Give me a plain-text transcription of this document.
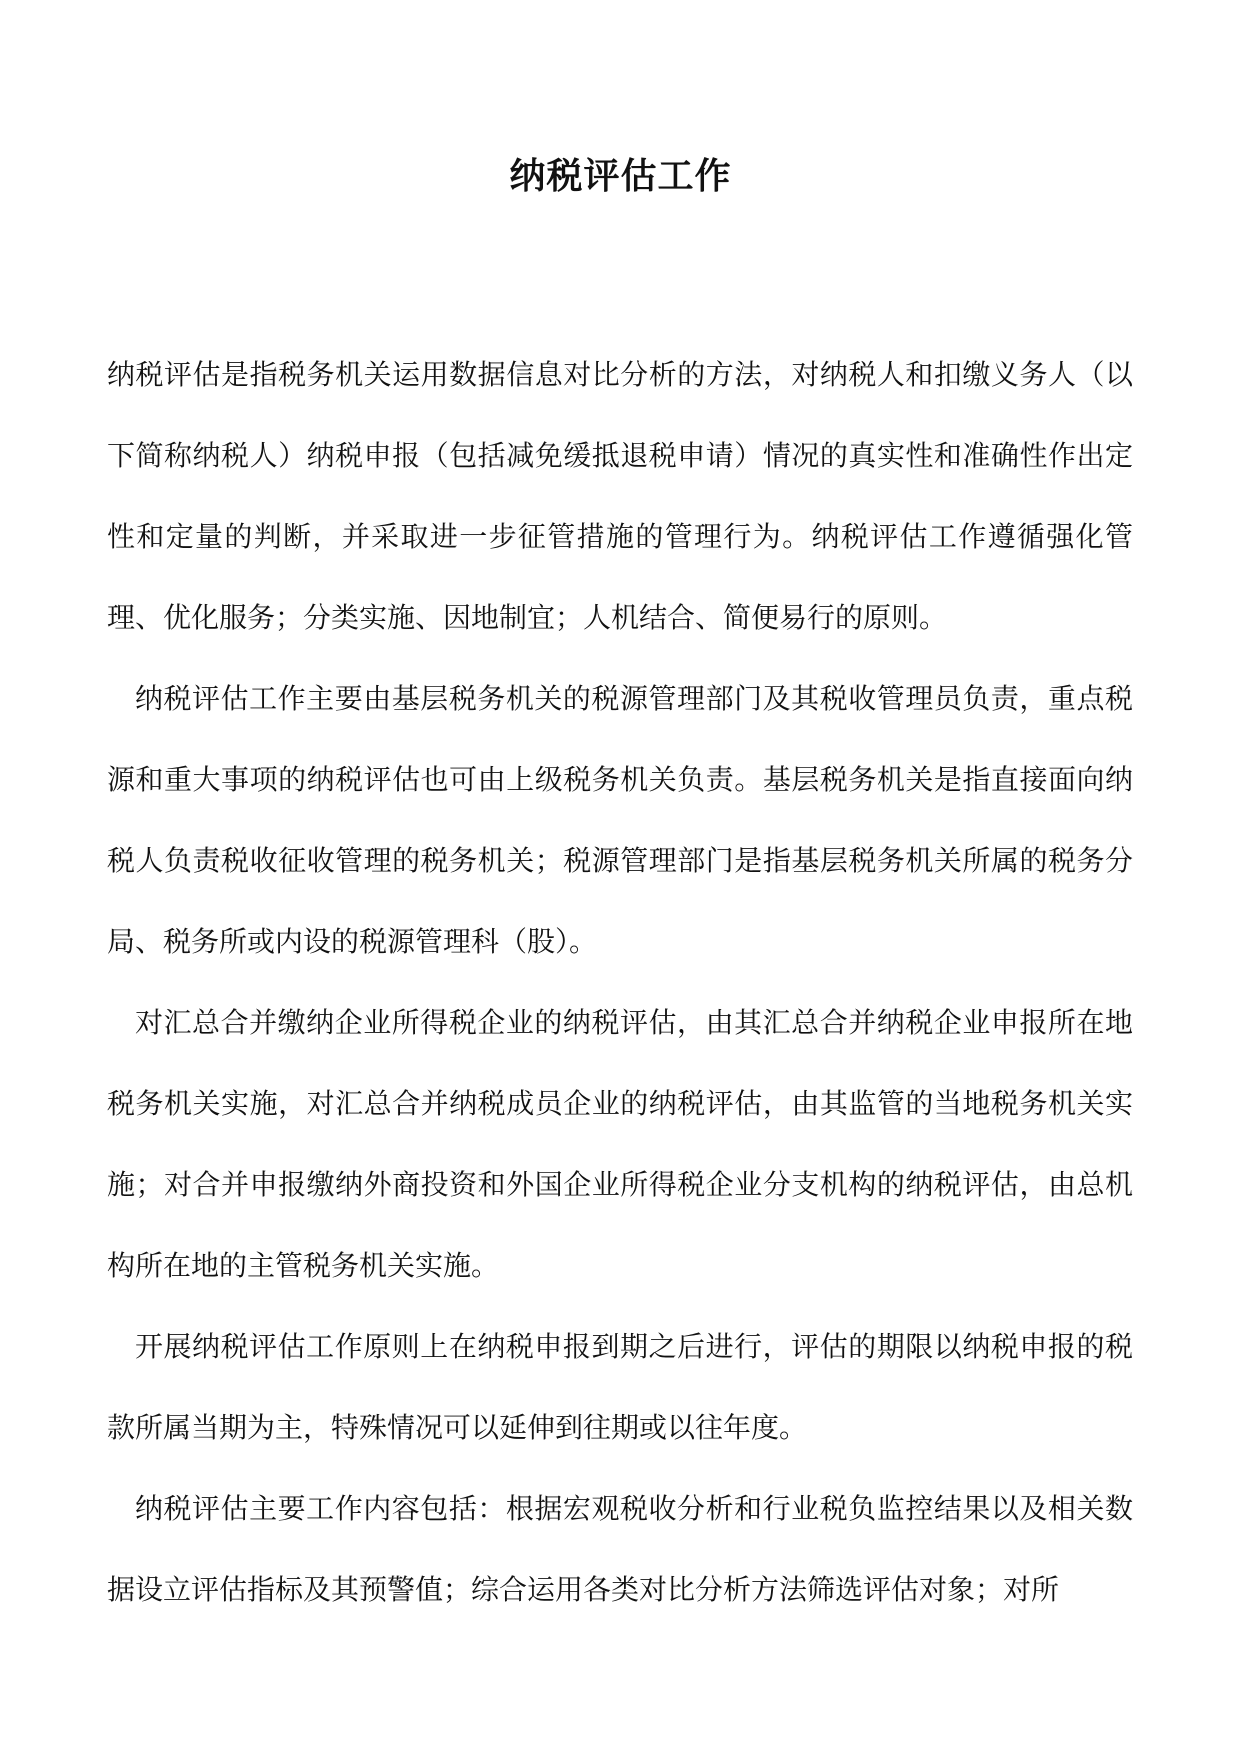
纳税评估工作

纳税评估是指税务机关运用数据信息对比分析的方法，对纳税人和扣缴义务人（以下简称纳税人）纳税申报（包括减免缓抵退税申请）情况的真实性和准确性作出定性和定量的判断，并采取进一步征管措施的管理行为。纳税评估工作遵循强化管理、优化服务；分类实施、因地制宜；人机结合、简便易行的原则。

纳税评估工作主要由基层税务机关的税源管理部门及其税收管理员负责，重点税源和重大事项的纳税评估也可由上级税务机关负责。基层税务机关是指直接面向纳税人负责税收征收管理的税务机关；税源管理部门是指基层税务机关所属的税务分局、税务所或内设的税源管理科（股）。

对汇总合并缴纳企业所得税企业的纳税评估，由其汇总合并纳税企业申报所在地税务机关实施，对汇总合并纳税成员企业的纳税评估，由其监管的当地税务机关实施；对合并申报缴纳外商投资和外国企业所得税企业分支机构的纳税评估，由总机构所在地的主管税务机关实施。

开展纳税评估工作原则上在纳税申报到期之后进行，评估的期限以纳税申报的税款所属当期为主，特殊情况可以延伸到往期或以往年度。

纳税评估主要工作内容包括：根据宏观税收分析和行业税负监控结果以及相关数据设立评估指标及其预警值；综合运用各类对比分析方法筛选评估对象；对所
